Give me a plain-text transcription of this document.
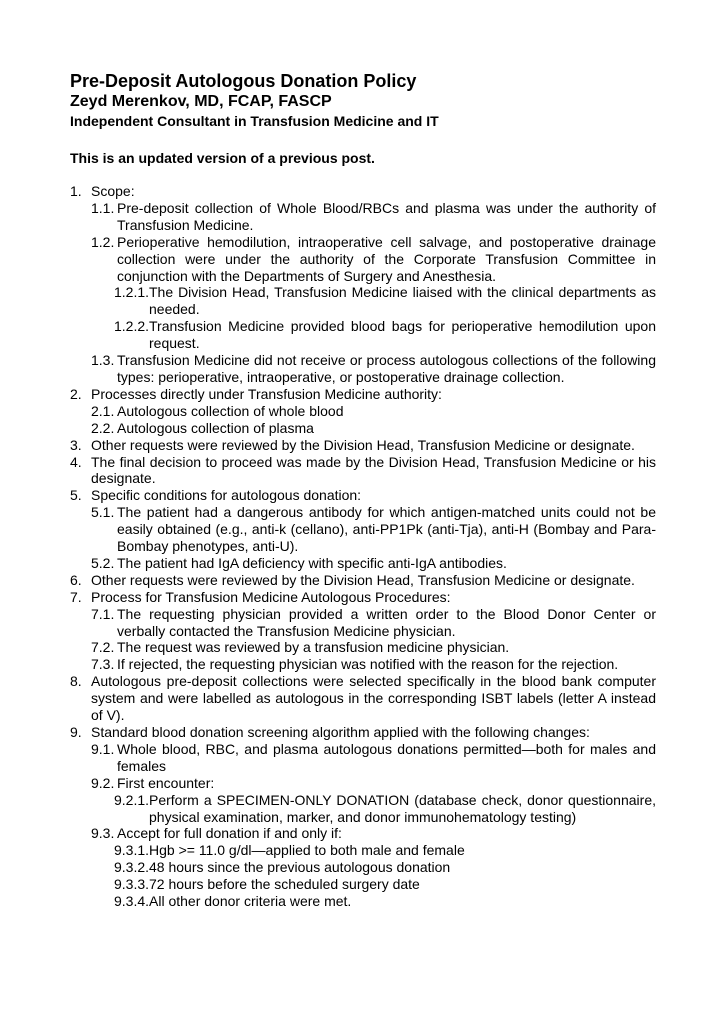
Pre-Deposit Autologous Donation Policy
Zeyd Merenkov, MD, FCAP, FASCP
Independent Consultant in Transfusion Medicine and IT
This is an updated version of a previous post.
1. Scope:
1.1. Pre-deposit collection of Whole Blood/RBCs and plasma was under the authority of Transfusion Medicine.
1.2. Perioperative hemodilution, intraoperative cell salvage, and postoperative drainage collection were under the authority of the Corporate Transfusion Committee in conjunction with the Departments of Surgery and Anesthesia.
1.2.1. The Division Head, Transfusion Medicine liaised with the clinical departments as needed.
1.2.2. Transfusion Medicine provided blood bags for perioperative hemodilution upon request.
1.3. Transfusion Medicine did not receive or process autologous collections of the following types: perioperative, intraoperative, or postoperative drainage collection.
2. Processes directly under Transfusion Medicine authority:
2.1. Autologous collection of whole blood
2.2. Autologous collection of plasma
3. Other requests were reviewed by the Division Head, Transfusion Medicine or designate.
4. The final decision to proceed was made by the Division Head, Transfusion Medicine or his designate.
5. Specific conditions for autologous donation:
5.1. The patient had a dangerous antibody for which antigen-matched units could not be easily obtained (e.g., anti-k (cellano), anti-PP1Pk (anti-Tja), anti-H (Bombay and Para-Bombay phenotypes, anti-U).
5.2. The patient had IgA deficiency with specific anti-IgA antibodies.
6. Other requests were reviewed by the Division Head, Transfusion Medicine or designate.
7. Process for Transfusion Medicine Autologous Procedures:
7.1. The requesting physician provided a written order to the Blood Donor Center or verbally contacted the Transfusion Medicine physician.
7.2. The request was reviewed by a transfusion medicine physician.
7.3. If rejected, the requesting physician was notified with the reason for the rejection.
8. Autologous pre-deposit collections were selected specifically in the blood bank computer system and were labelled as autologous in the corresponding ISBT labels (letter A instead of V).
9. Standard blood donation screening algorithm applied with the following changes:
9.1. Whole blood, RBC, and plasma autologous donations permitted—both for males and females
9.2. First encounter:
9.2.1. Perform a SPECIMEN-ONLY DONATION (database check, donor questionnaire, physical examination, marker, and donor immunohematology testing)
9.3. Accept for full donation if and only if:
9.3.1. Hgb >= 11.0 g/dl—applied to both male and female
9.3.2. 48 hours since the previous autologous donation
9.3.3. 72 hours before the scheduled surgery date
9.3.4. All other donor criteria were met.
